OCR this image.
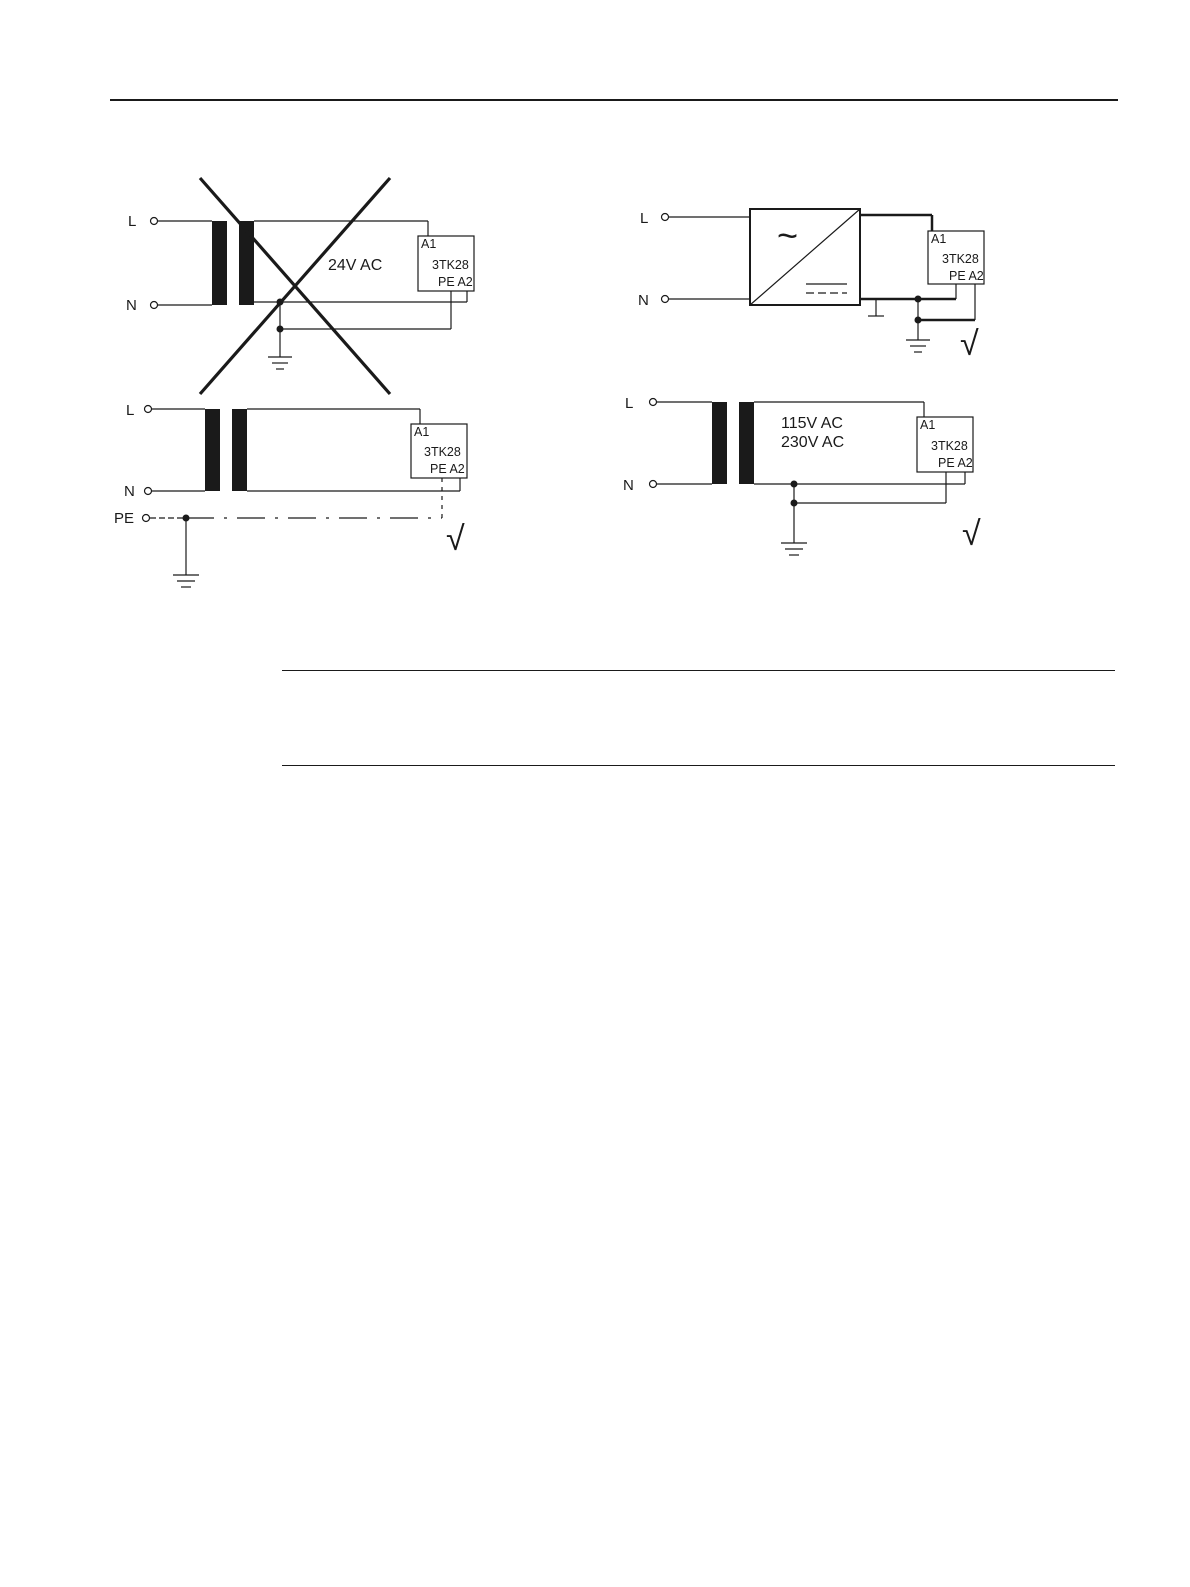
L
N
A1
3TK28
PE A2
24V AC
L
N
PE
A1
3TK28
PE A2
√
L
N
~	A1
3TK28
PE A2
√
L
N
115V AC
230V AC
A1
3TK28
PE A2
√
